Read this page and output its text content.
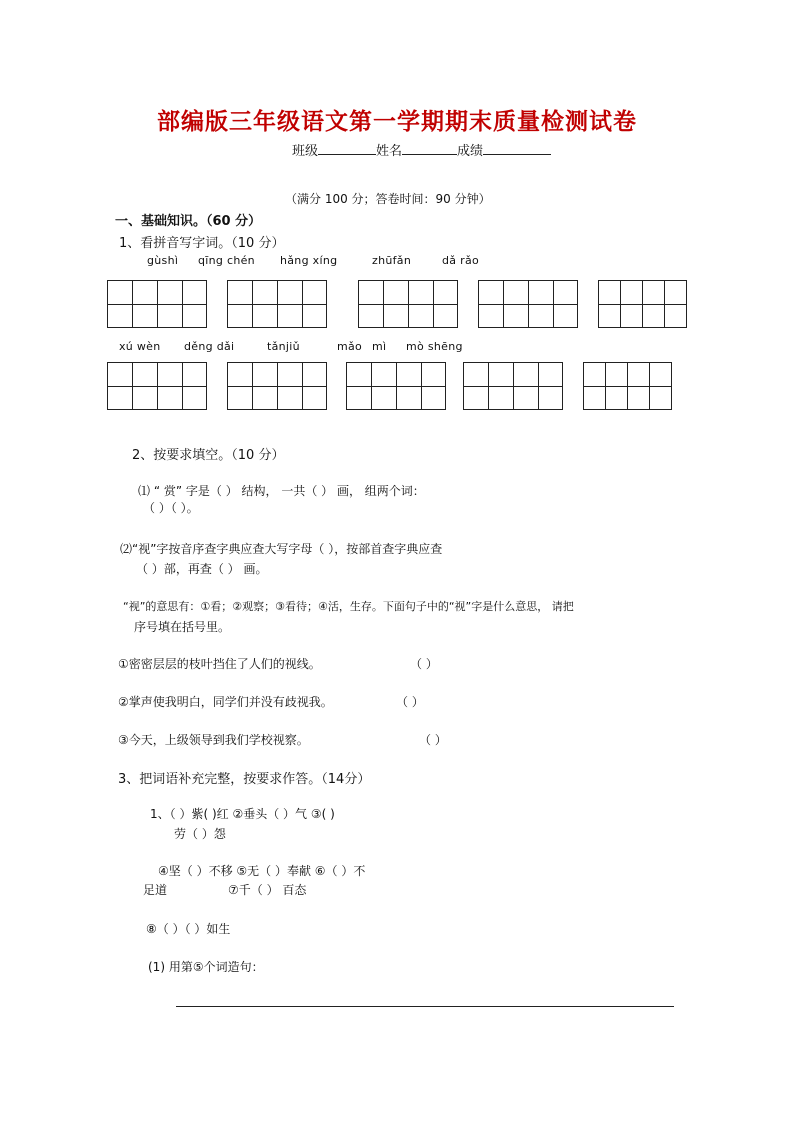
部编版三年级语文第一学期期末质量检测试卷
班级	姓名	成绩
（满分 100 分；答卷时间：90 分钟）
一、基础知识。（60 分）
1、看拼音写字词。（10 分）
gùshì qīng chén hǎng xíng	zhūfǎn	dǎ rǎo
xú wèn děng dǎi	tǎnjiǔ	mǎo mì mò shēng
2、按要求填空。（10 分）
⑴ “ 赏” 字是（ ） 结构， 一共（ ） 画， 组两个词：
（ ）（ ）。
⑵“视”字按音序查字典应查大写字母（ ），按部首查字典应查
（ ）部，再查（ ） 画。
“视”的意思有：①看；②观察；③看待；④活，生存。下面句子中的“视”字是什么意思， 请把
序号填在括号里。
①密密层层的枝叶挡住了人们的视线。	（ ）
②掌声使我明白，同学们并没有歧视我。	（ ）
③今天，上级领导到我们学校视察。	（ ）
3、把词语补充完整，按要求作答。（14分）
1、（ ）紫( )红 ②垂头（ ）气 ③( )
劳（ ）怨
④坚（ ）不移 ⑤无（ ）奉献 ⑥（ ）不
足道	⑦千（ ） 百态
⑧（ ）（ ）如生
(1) 用第⑤个词造句：
